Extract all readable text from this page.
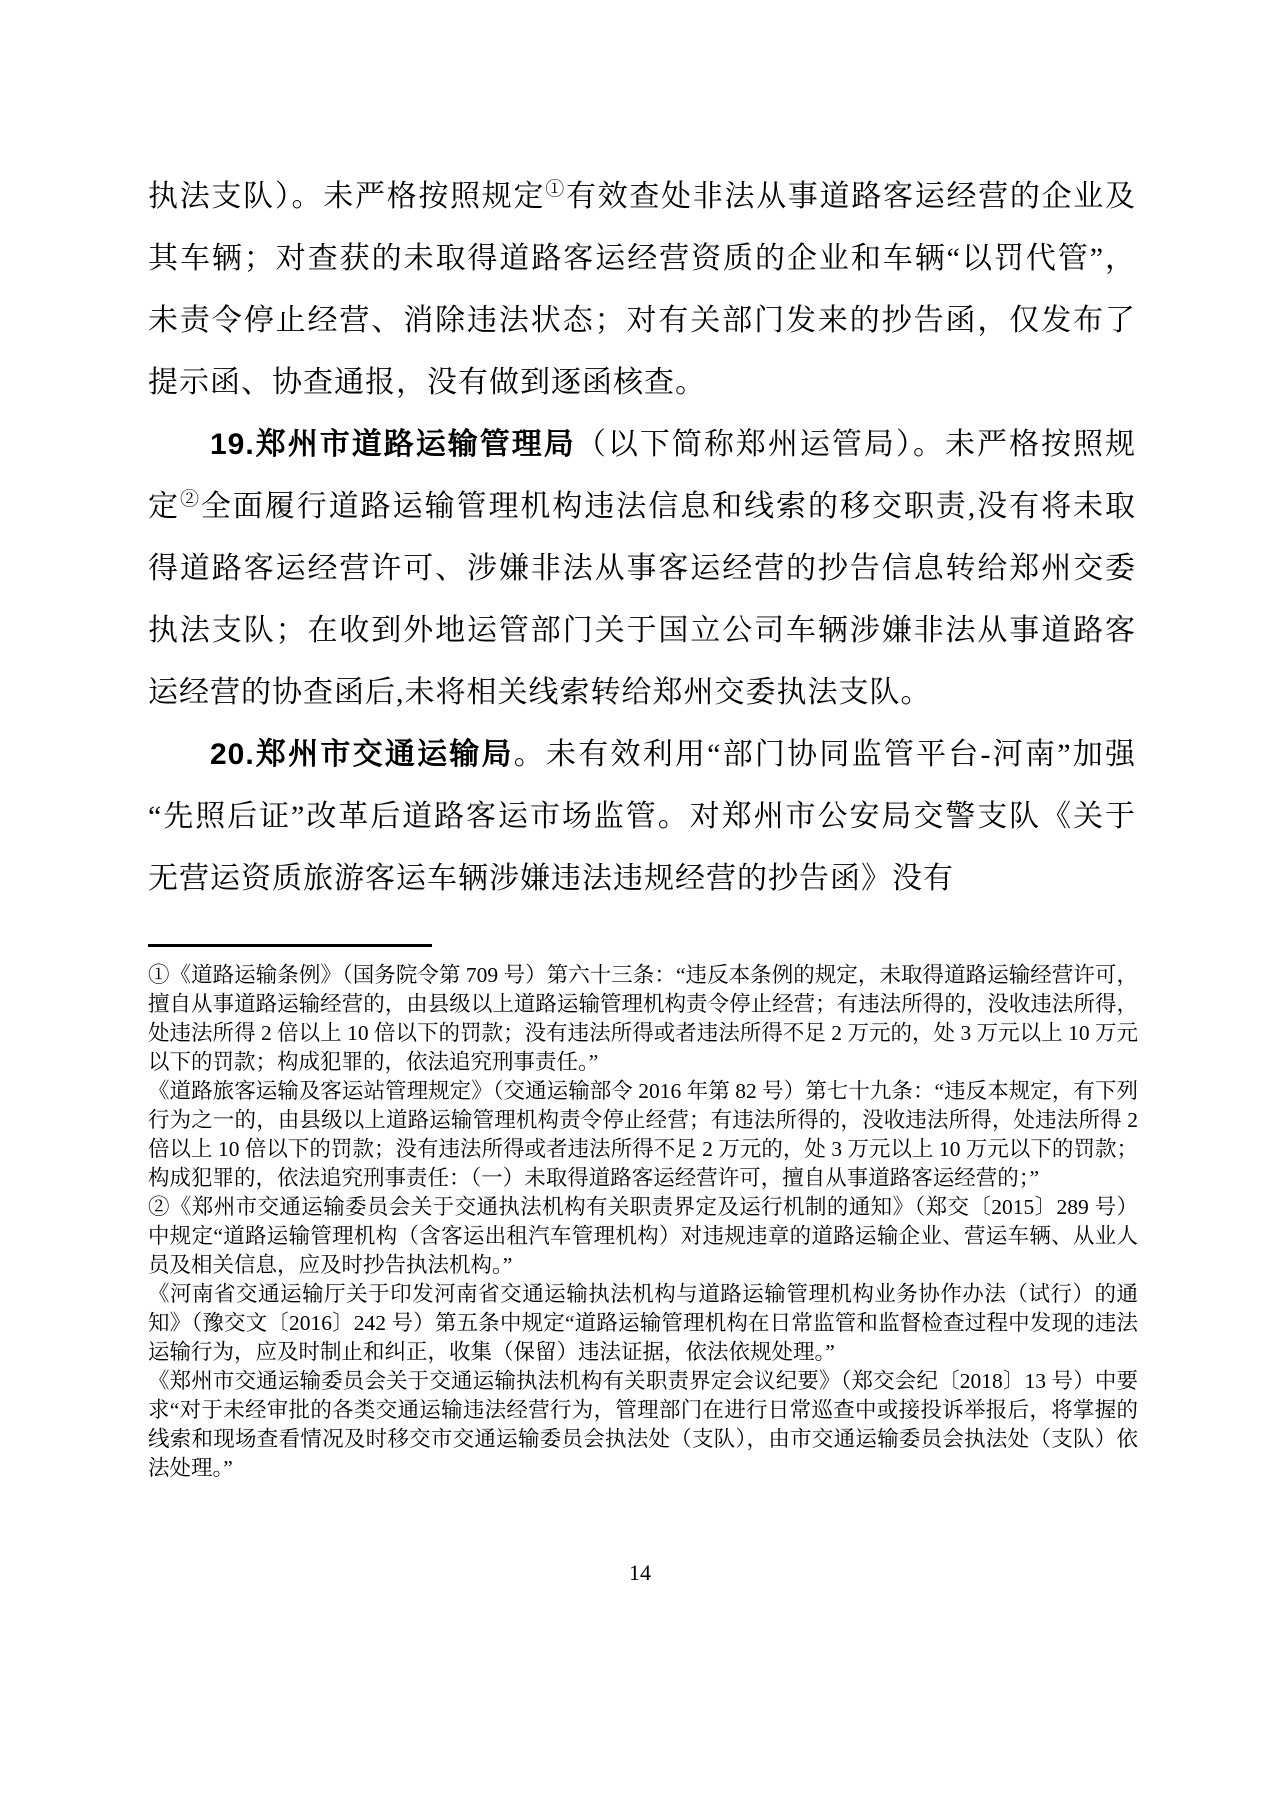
执法支队）。未严格按照规定①有效查处非法从事道路客运经营的企业及其车辆；对查获的未取得道路客运经营资质的企业和车辆“以罚代管”，未责令停止经营、消除违法状态；对有关部门发来的抄告函，仅发布了提示函、协查通报，没有做到逐函核查。

19.郑州市道路运输管理局（以下简称郑州运管局）。未严格按照规定②全面履行道路运输管理机构违法信息和线索的移交职责,没有将未取得道路客运经营许可、涉嫌非法从事客运经营的抄告信息转给郑州交委执法支队；在收到外地运管部门关于国立公司车辆涉嫌非法从事道路客运经营的协查函后,未将相关线索转给郑州交委执法支队。

20.郑州市交通运输局。未有效利用“部门协同监管平台-河南”加强“先照后证”改革后道路客运市场监管。对郑州市公安局交警支队《关于无营运资质旅游客运车辆涉嫌违法违规经营的抄告函》没有

①《道路运输条例》（国务院令第 709 号）第六十三条：“违反本条例的规定，未取得道路运输经营许可，擅自从事道路运输经营的，由县级以上道路运输管理机构责令停止经营；有违法所得的，没收违法所得，处违法所得 2 倍以上 10 倍以下的罚款；没有违法所得或者违法所得不足 2 万元的，处 3 万元以上 10 万元以下的罚款；构成犯罪的，依法追究刑事责任。”

《道路旅客运输及客运站管理规定》（交通运输部令 2016 年第 82 号）第七十九条：“违反本规定，有下列行为之一的，由县级以上道路运输管理机构责令停止经营；有违法所得的，没收违法所得，处违法所得 2 倍以上 10 倍以下的罚款；没有违法所得或者违法所得不足 2 万元的，处 3 万元以上 10 万元以下的罚款；构成犯罪的，依法追究刑事责任：（一）未取得道路客运经营许可，擅自从事道路客运经营的；”

②《郑州市交通运输委员会关于交通执法机构有关职责界定及运行机制的通知》（郑交〔2015〕289 号）中规定“道路运输管理机构（含客运出租汽车管理机构）对违规违章的道路运输企业、营运车辆、从业人员及相关信息，应及时抄告执法机构。”

《河南省交通运输厅关于印发河南省交通运输执法机构与道路运输管理机构业务协作办法（试行）的通知》（豫交文〔2016〕242 号）第五条中规定“道路运输管理机构在日常监管和监督检查过程中发现的违法运输行为，应及时制止和纠正，收集（保留）违法证据，依法依规处理。”

《郑州市交通运输委员会关于交通运输执法机构有关职责界定会议纪要》（郑交会纪〔2018〕13 号）中要求“对于未经审批的各类交通运输违法经营行为，管理部门在进行日常巡查中或接投诉举报后，将掌握的线索和现场查看情况及时移交市交通运输委员会执法处（支队），由市交通运输委员会执法处（支队）依法处理。”

14
